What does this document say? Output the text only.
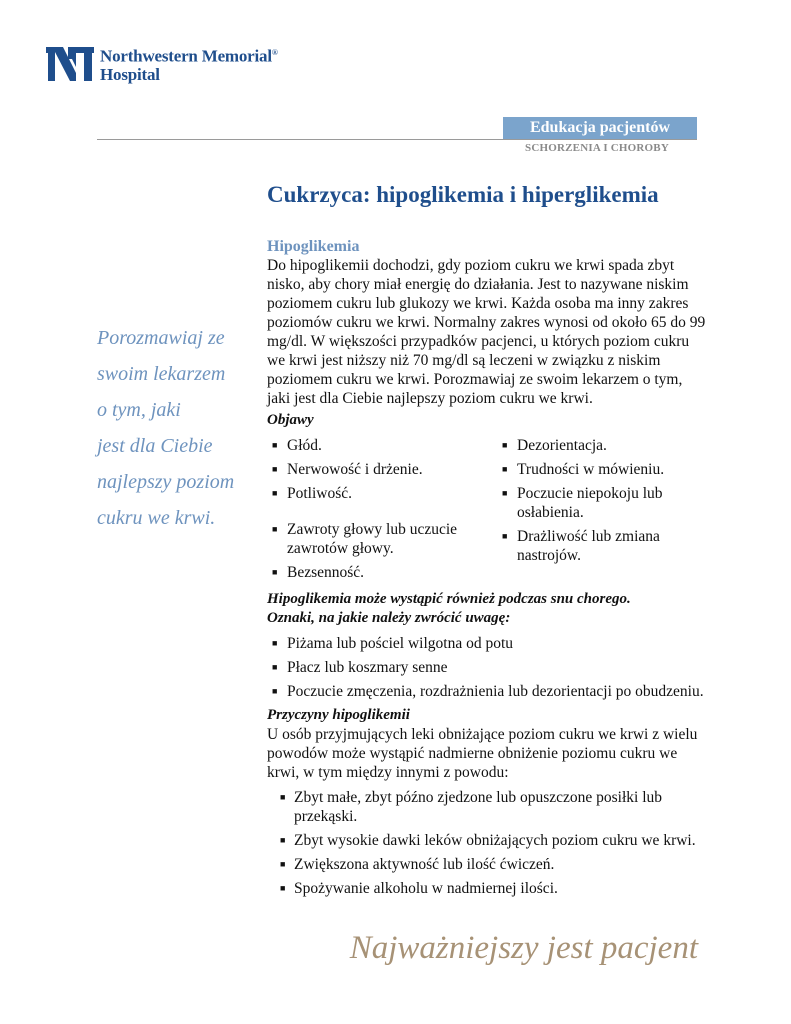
Northwestern Memorial®
Hospital
Edukacja pacjentów
SCHORZENIA I CHOROBY
Cukrzyca: hipoglikemia i hiperglikemia
Porozmawiaj ze
swoim lekarzem
o tym, jaki
jest dla Ciebie
najlepszy poziom
cukru we krwi.
Hipoglikemia

Do hipoglikemii dochodzi, gdy poziom cukru we krwi spada zbyt nisko, aby chory miał energię do działania. Jest to nazywane niskim poziomem cukru lub glukozy we krwi. Każda osoba ma inny zakres poziomów cukru we krwi. Normalny zakres wynosi od około 65 do 99 mg/dl. W większości przypadków pacjenci, u których poziom cukru we krwi jest niższy niż 70 mg/dl są leczeni w związku z niskim poziomem cukru we krwi. Porozmawiaj ze swoim lekarzem o tym, jaki jest dla Ciebie najlepszy poziom cukru we krwi.

Objawy
■ Głód.
■ Nerwowość i drżenie.
■ Potliwość.
■ Zawroty głowy lub uczucie zawrotów głowy.
■ Bezsenność.
■ Dezorientacja.
■ Trudności w mówieniu.
■ Poczucie niepokoju lub osłabienia.
■ Drażliwość lub zmiana nastrojów.
Hipoglikemia może wystąpić również podczas snu chorego.
Oznaki, na jakie należy zwrócić uwagę:
■ Piżama lub pościel wilgotna od potu
■ Płacz lub koszmary senne
■ Poczucie zmęczenia, rozdrażnienia lub dezorientacji po obudzeniu.
Przyczyny hipoglikemii

U osób przyjmujących leki obniżające poziom cukru we krwi z wielu powodów może wystąpić nadmierne obniżenie poziomu cukru we krwi, w tym między innymi z powodu:

■ Zbyt małe, zbyt późno zjedzone lub opuszczone posiłki lub przekąski.
■ Zbyt wysokie dawki leków obniżających poziom cukru we krwi.
■ Zwiększona aktywność lub ilość ćwiczeń.
■ Spożywanie alkoholu w nadmiernej ilości.
Najważniejszy jest pacjent
